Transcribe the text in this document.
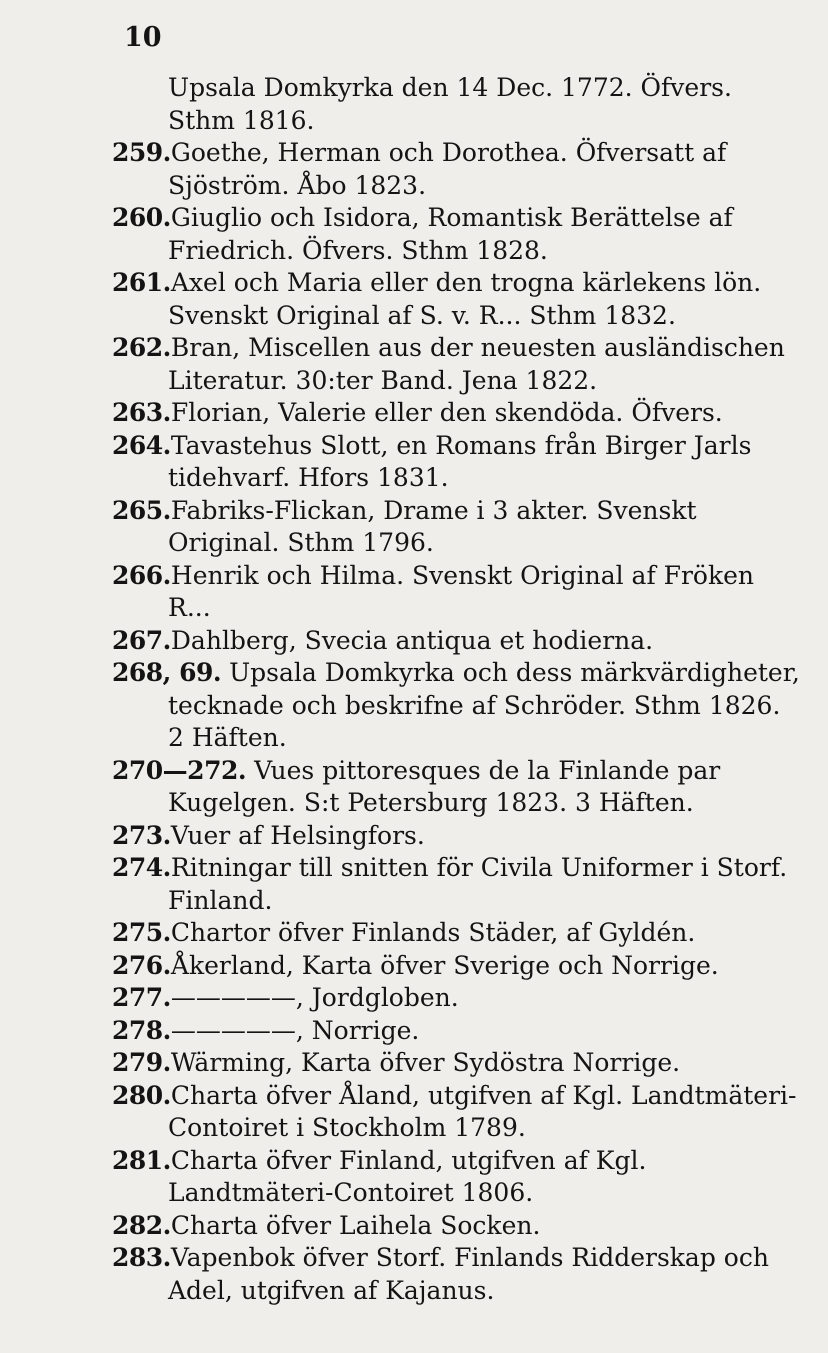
10
Upsala Domkyrka den 14 Dec. 1772. Öfvers. Sthm 1816.
259.Goethe, Herman och Dorothea. Öfversatt af Sjöström. Åbo 1823.
260.Giuglio och Isidora, Romantisk Berättelse af Friedrich. Öfvers. Sthm 1828.
261.Axel och Maria eller den trogna kärlekens lön. Svenskt Original af S. v. R... Sthm 1832.
262.Bran, Miscellen aus der neuesten ausländischen Literatur. 30:ter Band. Jena 1822.
263.Florian, Valerie eller den skendöda. Öfvers.
264.Tavastehus Slott, en Romans från Birger Jarls tidehvarf. Hfors 1831.
265.Fabriks-Flickan, Drame i 3 akter. Svenskt Original. Sthm 1796.
266.Henrik och Hilma. Svenskt Original af Fröken R...
267.Dahlberg, Svecia antiqua et hodierna.
268, 69. Upsala Domkyrka och dess märkvärdigheter, tecknade och beskrifne af Schröder. Sthm 1826. 2 Häften.
270—272. Vues pittoresques de la Finlande par Kugelgen. S:t Petersburg 1823. 3 Häften.
273.Vuer af Helsingfors.
274.Ritningar till snitten för Civila Uniformer i Storf. Finland.
275.Chartor öfver Finlands Städer, af Gyldén.
276.Åkerland, Karta öfver Sverige och Norrige.
277.—————, Jordgloben.
278.—————, Norrige.
279.Wärming, Karta öfver Sydöstra Norrige.
280.Charta öfver Åland, utgifven af Kgl. Landtmäteri-Contoiret i Stockholm 1789.
281.Charta öfver Finland, utgifven af Kgl. Landtmäteri-Contoiret 1806.
282.Charta öfver Laihela Socken.
283.Vapenbok öfver Storf. Finlands Ridderskap och Adel, utgifven af Kajanus.
